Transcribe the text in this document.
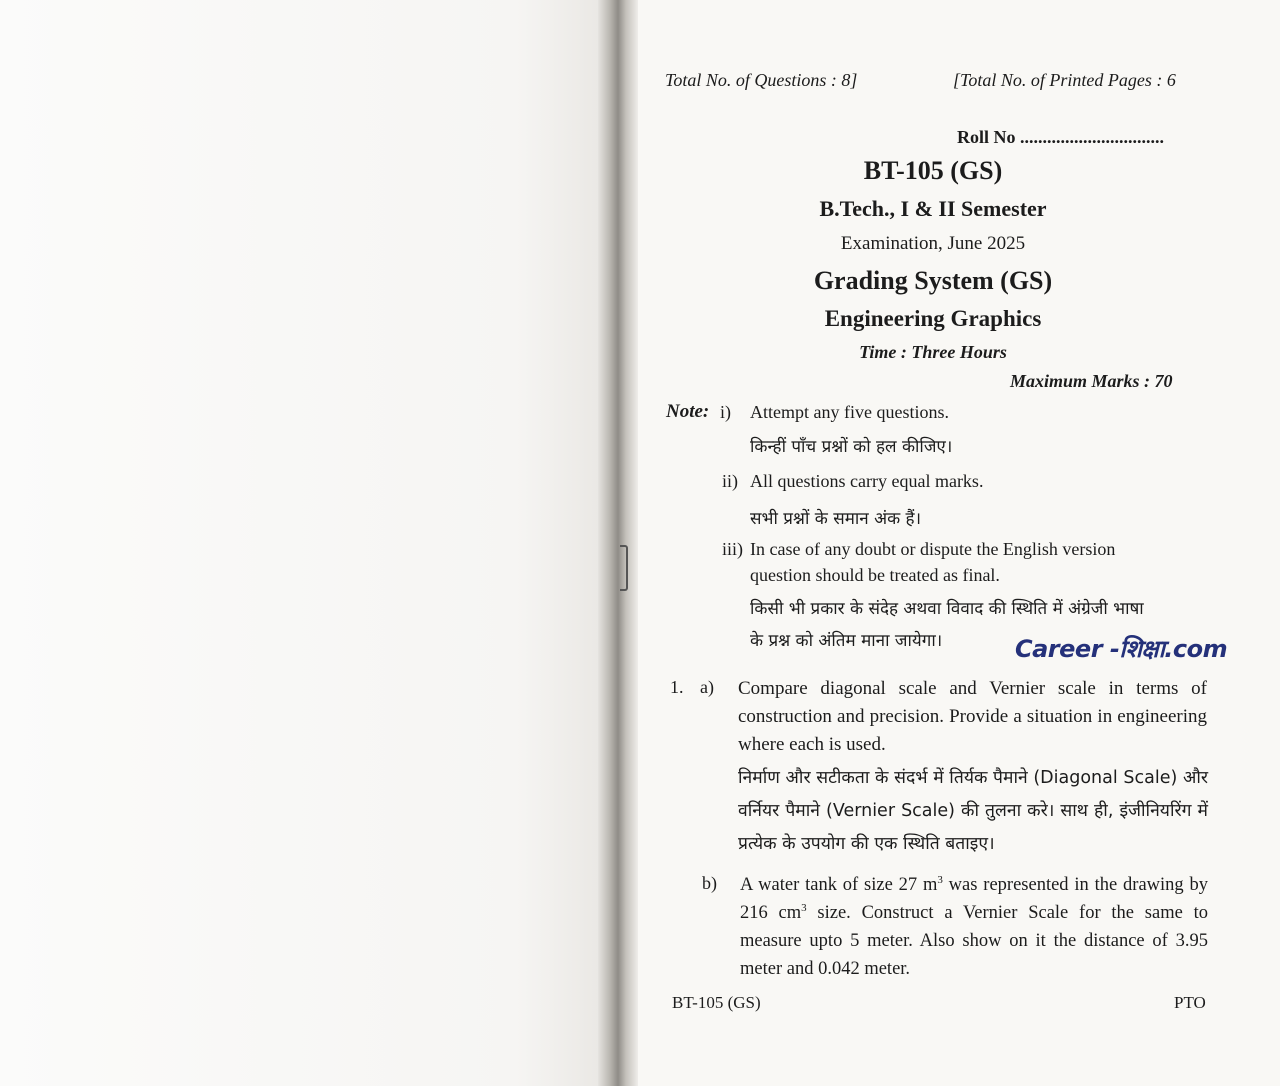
Total No. of Questions : 8]	[Total No. of Printed Pages : 6
Roll No ................................
BT-105 (GS)
B.Tech., I & II Semester
Examination, June 2025
Grading System (GS)
Engineering Graphics
Time : Three Hours
Maximum Marks : 70
Note: i) Attempt any five questions.
किन्हीं पाँच प्रश्नों को हल कीजिए।
ii) All questions carry equal marks.
सभी प्रश्नों के समान अंक हैं।
iii) In case of any doubt or dispute the English version
question should be treated as final.
किसी भी प्रकार के संदेह अथवा विवाद की स्थिति में अंग्रेजी भाषा
के प्रश्न को अंतिम माना जायेगा।	Career -शिक्षा.com
1. a) Compare diagonal scale and Vernier scale in terms of construction and precision. Provide a situation in engineering where each is used.
निर्माण और सटीकता के संदर्भ में तिर्यक पैमाने (Diagonal Scale) और वर्नियर पैमाने (Vernier Scale) की तुलना करे। साथ ही, इंजीनियरिंग में प्रत्येक के उपयोग की एक स्थिति बताइए।
b) A water tank of size 27 $m^3$ was represented in the drawing by 216 $cm^3$ size. Construct a Vernier Scale for the same to measure upto 5 meter. Also show on it the distance of 3.95 meter and 0.042 meter.
BT-105 (GS)	PTO
